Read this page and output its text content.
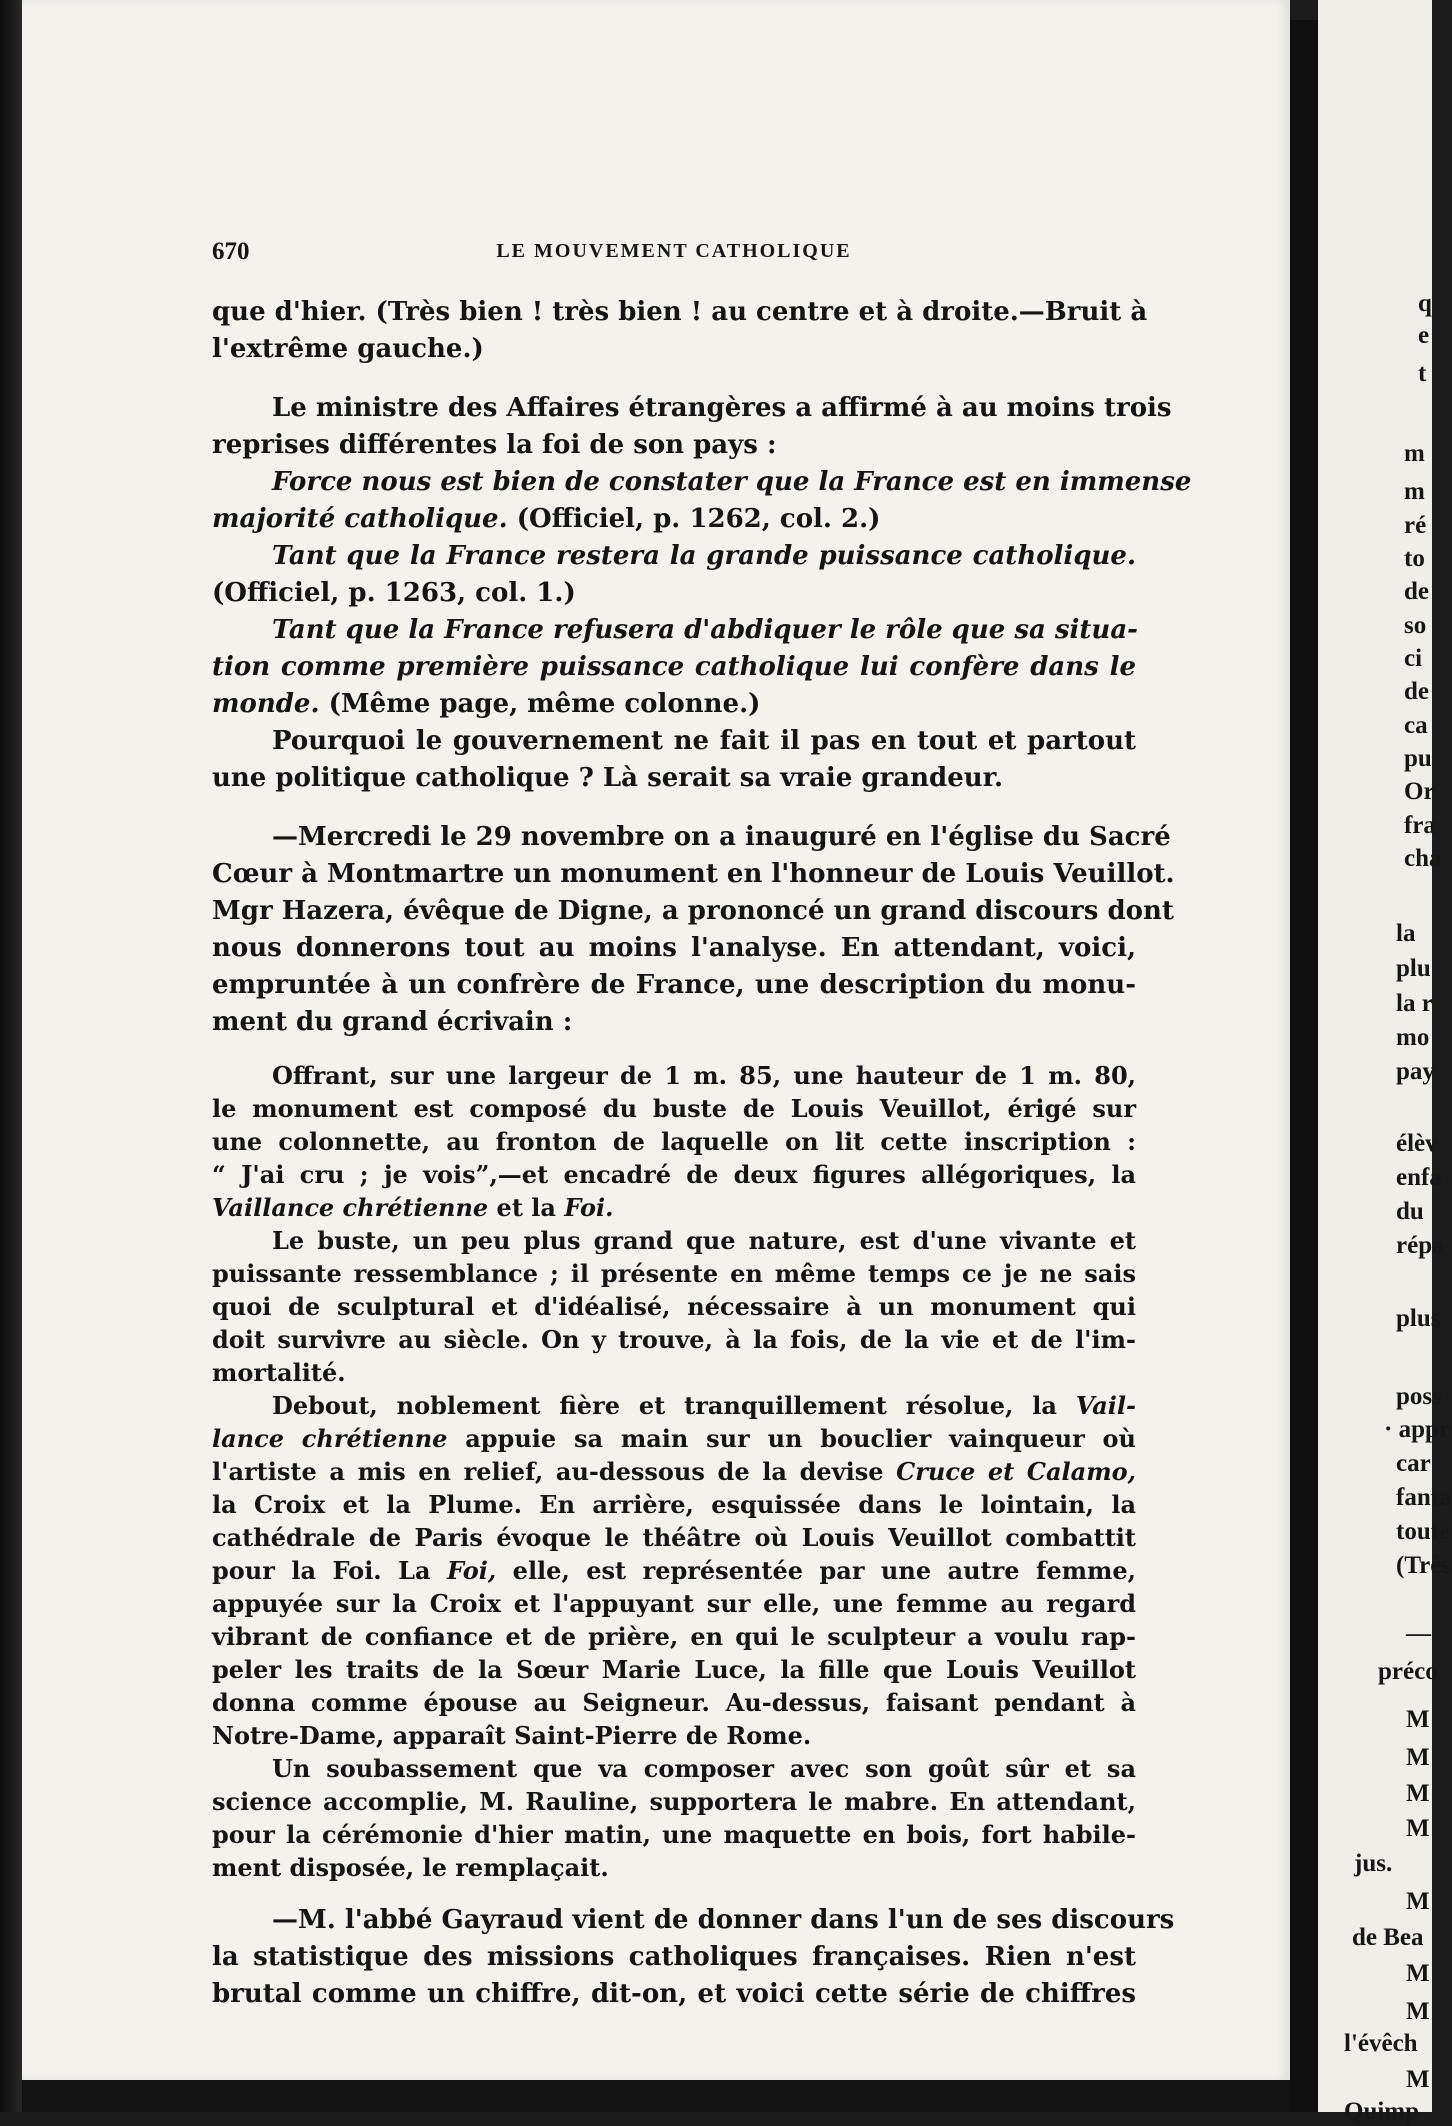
q
e
t
m
m
ré
to
de
so
ci
de
ca
pu
Or
fra
cha
la
plu
la r
mo
pay
élèv
enfa
du
répa
plus
poss
· appr
car
fanta
toute
(Très
—
préco
M
M
M
M
jus.
M
de Bea
M
M
l'évêch
M
Quimp
670	LE MOUVEMENT CATHOLIQUE
que d'hier. (Très bien ! très bien ! au centre et à droite.—Bruit à
l'extrême gauche.)
Le ministre des Affaires étrangères a affirmé à au moins trois
reprises différentes la foi de son pays :
Force nous est bien de constater que la France est en immense
majorité catholique. (Officiel, p. 1262, col. 2.)
Tant que la France restera la grande puissance catholique.
(Officiel, p. 1263, col. 1.)
Tant que la France refusera d'abdiquer le rôle que sa situa-
tion comme première puissance catholique lui confère dans le
monde. (Même page, même colonne.)
Pourquoi le gouvernement ne fait il pas en tout et partout
une politique catholique ? Là serait sa vraie grandeur.
—Mercredi le 29 novembre on a inauguré en l'église du Sacré
Cœur à Montmartre un monument en l'honneur de Louis Veuillot.
Mgr Hazera, évêque de Digne, a prononcé un grand discours dont
nous donnerons tout au moins l'analyse. En attendant, voici,
empruntée à un confrère de France, une description du monu-
ment du grand écrivain :
Offrant, sur une largeur de 1 m. 85, une hauteur de 1 m. 80,
le monument est composé du buste de Louis Veuillot, érigé sur
une colonnette, au fronton de laquelle on lit cette inscription :
“ J'ai cru ; je vois”,—et encadré de deux figures allégoriques, la
Vaillance chrétienne et la Foi.
Le buste, un peu plus grand que nature, est d'une vivante et
puissante ressemblance ; il présente en même temps ce je ne sais
quoi de sculptural et d'idéalisé, nécessaire à un monument qui
doit survivre au siècle. On y trouve, à la fois, de la vie et de l'im-
mortalité.
Debout, noblement fière et tranquillement résolue, la Vail-
lance chrétienne appuie sa main sur un bouclier vainqueur où
l'artiste a mis en relief, au-dessous de la devise Cruce et Calamo,
la Croix et la Plume. En arrière, esquissée dans le lointain, la
cathédrale de Paris évoque le théâtre où Louis Veuillot combattit
pour la Foi. La Foi, elle, est représentée par une autre femme,
appuyée sur la Croix et l'appuyant sur elle, une femme au regard
vibrant de confiance et de prière, en qui le sculpteur a voulu rap-
peler les traits de la Sœur Marie Luce, la fille que Louis Veuillot
donna comme épouse au Seigneur. Au-dessus, faisant pendant à
Notre-Dame, apparaît Saint-Pierre de Rome.
Un soubassement que va composer avec son goût sûr et sa
science accomplie, M. Rauline, supportera le mabre. En attendant,
pour la cérémonie d'hier matin, une maquette en bois, fort habile-
ment disposée, le remplaçait.
—M. l'abbé Gayraud vient de donner dans l'un de ses discours
la statistique des missions catholiques françaises. Rien n'est
brutal comme un chiffre, dit-on, et voici cette série de chiffres
